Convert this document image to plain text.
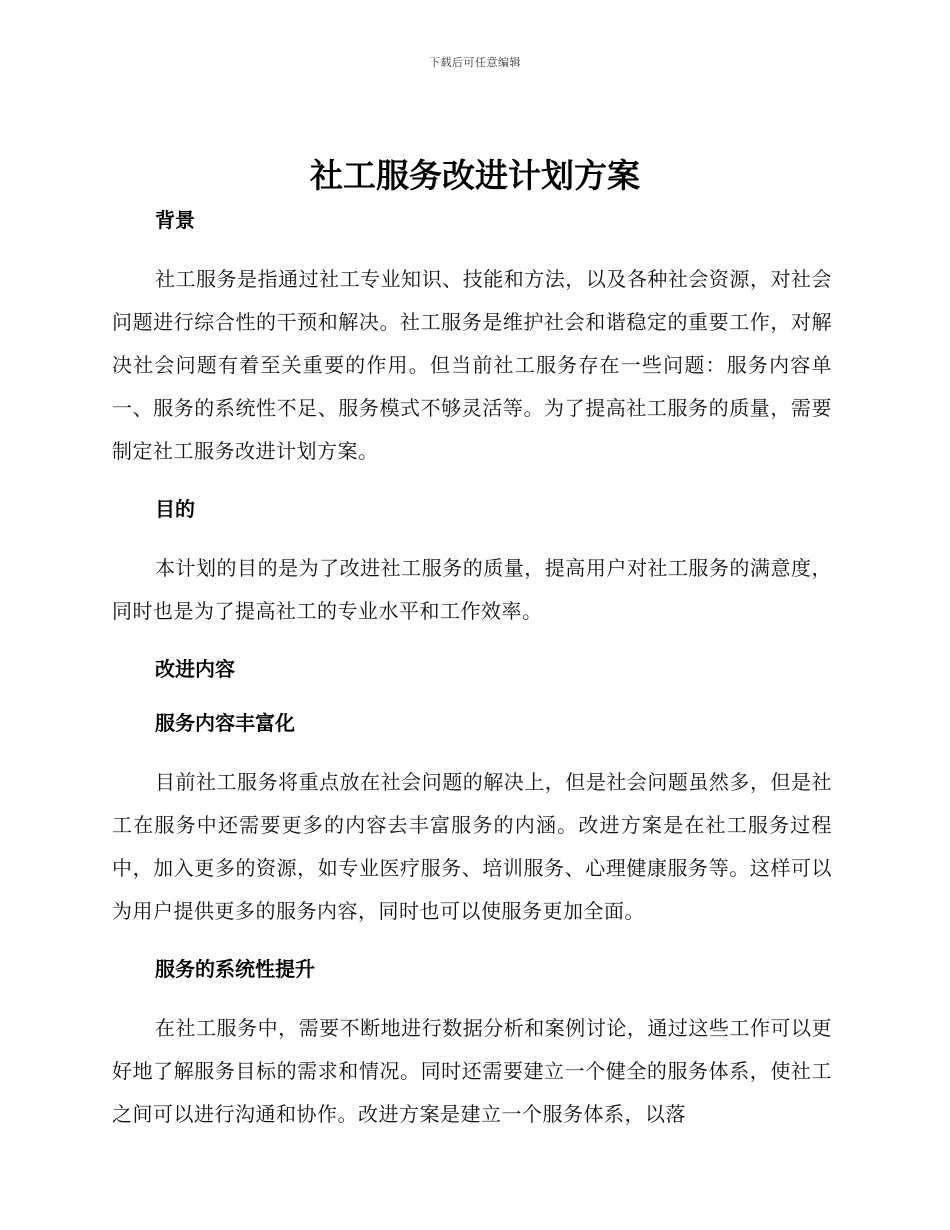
下载后可任意编辑
社工服务改进计划方案
背景

社工服务是指通过社工专业知识、技能和方法，以及各种社会资源，对社会问题进行综合性的干预和解决。社工服务是维护社会和谐稳定的重要工作，对解决社会问题有着至关重要的作用。但当前社工服务存在一些问题：服务内容单一、服务的系统性不足、服务模式不够灵活等。为了提高社工服务的质量，需要制定社工服务改进计划方案。

目的

本计划的目的是为了改进社工服务的质量，提高用户对社工服务的满意度，同时也是为了提高社工的专业水平和工作效率。

改进内容
服务内容丰富化

目前社工服务将重点放在社会问题的解决上，但是社会问题虽然多，但是社工在服务中还需要更多的内容去丰富服务的内涵。改进方案是在社工服务过程中，加入更多的资源，如专业医疗服务、培训服务、心理健康服务等。这样可以为用户提供更多的服务内容，同时也可以使服务更加全面。

服务的系统性提升

在社工服务中，需要不断地进行数据分析和案例讨论，通过这些工作可以更好地了解服务目标的需求和情况。同时还需要建立一个健全的服务体系，使社工之间可以进行沟通和协作。改进方案是建立一个服务体系，以落
